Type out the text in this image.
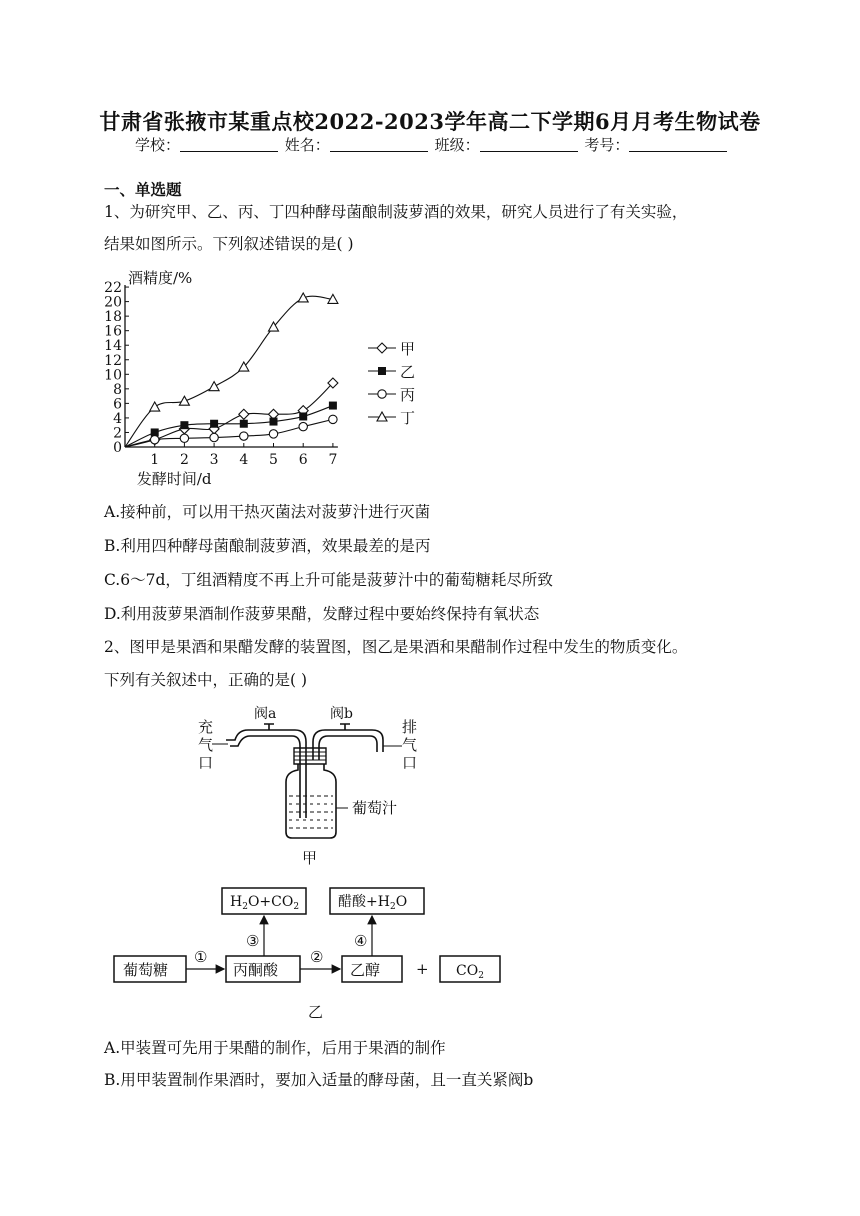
甘肃省张掖市某重点校2022-2023学年高二下学期6月月考生物试卷
学校：	姓名：	班级：	考号：
一、单选题
1、为研究甲、乙、丙、丁四种酵母菌酿制菠萝酒的效果，研究人员进行了有关实验，
结果如图所示。下列叙述错误的是( )
0
2
4
6
8
10
12
14
16
18
20
22
1 2 3 4 5 6 7
酒精度/%
发酵时间/d
甲
乙
丙
丁
A.接种前，可以用干热灭菌法对菠萝汁进行灭菌
B.利用四种酵母菌酿制菠萝酒，效果最差的是丙
C.6～7d，丁组酒精度不再上升可能是菠萝汁中的葡萄糖耗尽所致
D.利用菠萝果酒制作菠萝果醋，发酵过程中要始终保持有氧状态
2、图甲是果酒和果醋发酵的装置图，图乙是果酒和果醋制作过程中发生的物质变化。
下列有关叙述中，正确的是( )
阀a	阀b
充
气
口
排
气
口
葡萄汁
甲
葡萄糖	丙酮酸	乙醇	$CO_2$
$H_2O+CO_2$	醋酸$+H_2O$
①	②
③	④
+
乙
A.甲装置可先用于果醋的制作，后用于果酒的制作
B.用甲装置制作果酒时，要加入适量的酵母菌，且一直关紧阀b
